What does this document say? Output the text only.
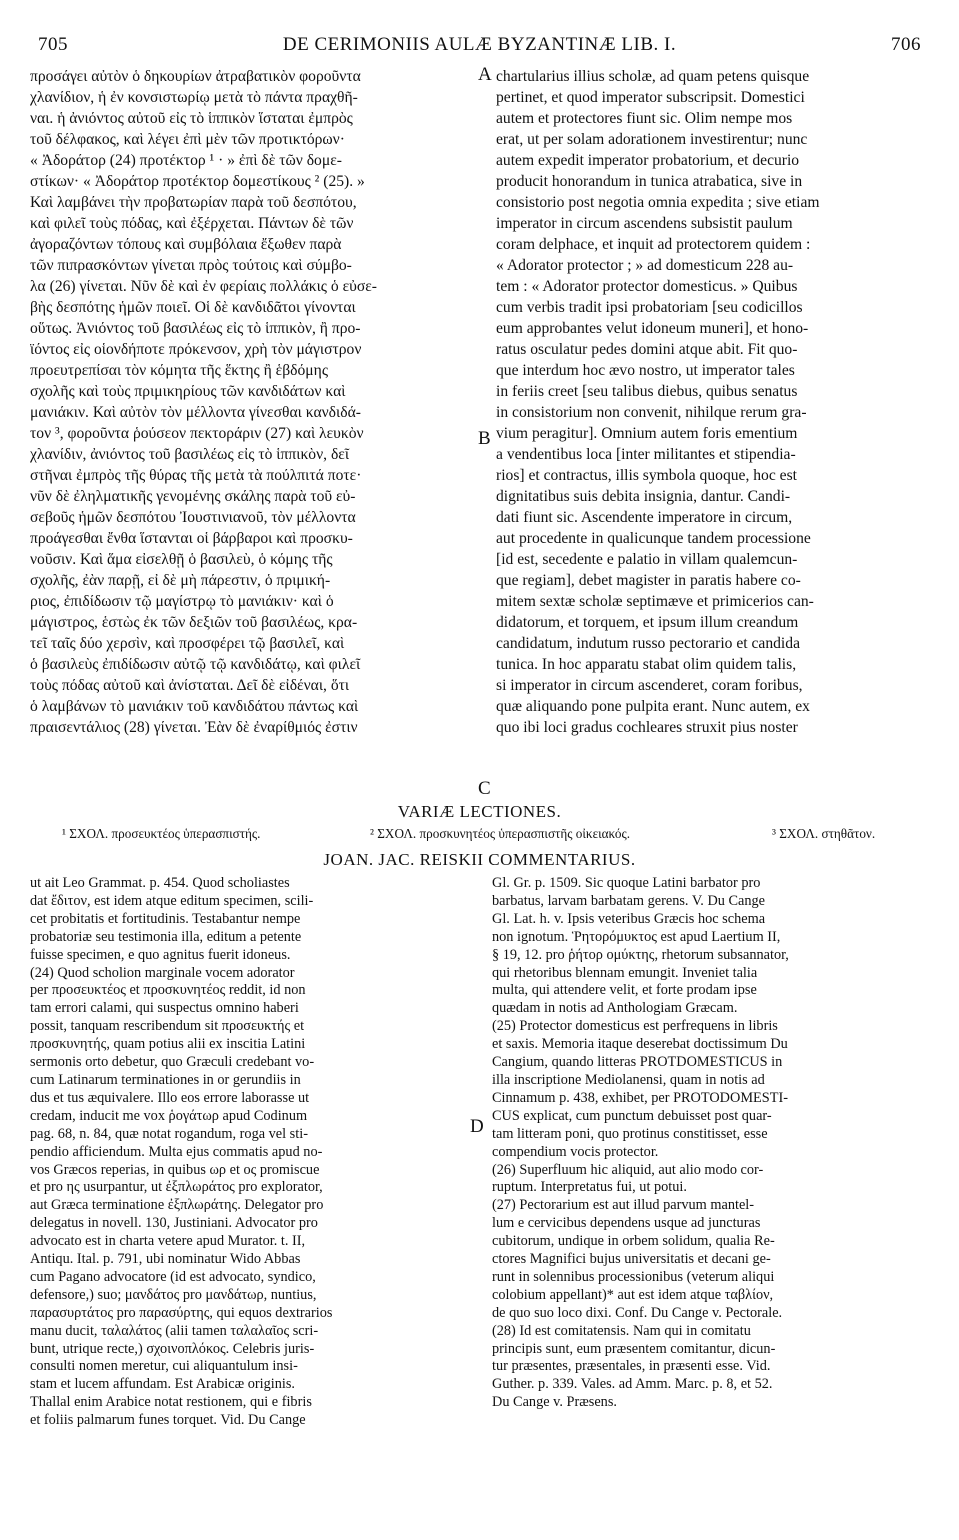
705	DE CERIMONIIS AULÆ BYZANTINÆ LIB. I.	706
προσάγει αὐτὸν ὁ δηκουρίων ἀτραβατικὸν φοροῦντα
χλανίδιον, ἡ ἐν κονσιστωρίῳ μετὰ τὸ πάντα πραχθῆ-
ναι. ἡ ἀνιόντος αὐτοῦ εἰς τὸ ἱππικὸν ἵσταται ἐμπρὸς
τοῦ δέλφακος, καὶ λέγει ἐπὶ μὲν τῶν προτικτόρων·
« Ἀδοράτορ (24) προτέκτορ ¹ · » ἐπὶ δὲ τῶν δομε-
στίκων· « Ἀδοράτορ προτέκτορ δομεστίκους ² (25). »
Καὶ λαμβάνει τὴν προβατωρίαν παρὰ τοῦ δεσπότου,
καὶ φιλεῖ τοὺς πόδας, καὶ ἐξέρχεται. Πάντων δὲ τῶν
ἀγοραζόντων τόπους καὶ συμβόλαια ἔξωθεν παρὰ
τῶν πιπρασκόντων γίνεται πρὸς τούτοις καὶ σύμβο-
λα (26) γίνεται. Νῦν δὲ καὶ ἐν φερίαις πολλάκις ὁ εὐσε-
βὴς δεσπότης ἡμῶν ποιεῖ. Οἱ δὲ κανδιδᾶτοι γίνονται
οὕτως. Ἀνιόντος τοῦ βασιλέως εἰς τὸ ἱππικὸν, ἢ προ-
ϊόντος εἰς οἱονδήποτε πρόκενσον, χρὴ τὸν μάγιστρον
προευτρεπίσαι τὸν κόμητα τῆς ἕκτης ἢ ἑβδόμης
σχολῆς καὶ τοὺς πριμικηρίους τῶν κανδιδάτων καὶ
μανιάκιν. Καὶ αὐτὸν τὸν μέλλοντα γίνεσθαι κανδιδά-
τον ³, φοροῦντα ῥούσεον πεκτοράριν (27) καὶ λευκὸν
χλανίδιν, ἀνιόντος τοῦ βασιλέως εἰς τὸ ἱππικὸν, δεῖ
στῆναι ἐμπρὸς τῆς θύρας τῆς μετὰ τὰ πούλπιτά ποτε·
νῦν δὲ ἐληλματικῆς γενομένης σκάλης παρὰ τοῦ εὐ-
σεβοῦς ἡμῶν δεσπότου Ἰουστινιανοῦ, τὸν μέλλοντα
προάγεσθαι ἔνθα ἵστανται οἱ βάρβαροι καὶ προσκυ-
νοῦσιν. Καὶ ἅμα εἰσελθῇ ὁ βασιλεὺ, ὁ κόμης τῆς
σχολῆς, ἐὰν παρῇ, εἰ δὲ μὴ πάρεστιν, ὁ πριμική-
ριος, ἐπιδίδωσιν τῷ μαγίστρῳ τὸ μανιάκιν· καὶ ὁ
μάγιστρος, ἑστὼς ἐκ τῶν δεξιῶν τοῦ βασιλέως, κρα-
τεῖ ταῖς δύο χερσὶν, καὶ προσφέρει τῷ βασιλεῖ, καὶ
ὁ βασιλεὺς ἐπιδίδωσιν αὐτῷ τῷ κανδιδάτῳ, καὶ φιλεῖ
τοὺς πόδας αὐτοῦ καὶ ἀνίσταται. Δεῖ δὲ εἰδέναι, ὅτι
ὁ λαμβάνων τὸ μανιάκιν τοῦ κανδιδάτου πάντως καὶ
πραισεντάλιος (28) γίνεται. Ἐὰν δὲ ἐναρίθμιός ἐστιν
chartularius illius scholæ, ad quam petens quisque
pertinet, et quod imperator subscripsit. Domestici
autem et protectores fiunt sic. Olim nempe mos
erat, ut per solam adorationem investirentur; nunc
autem expedit imperator probatorium, et decurio
producit honorandum in tunica atrabatica, sive in
consistorio post negotia omnia expedita ; sive etiam
imperator in circum ascendens subsistit paulum
coram delphace, et inquit ad protectorem quidem :
« Adorator protector ; » ad domesticum 228 au-
tem : « Adorator protector domesticus. » Quibus
cum verbis tradit ipsi probatoriam [seu codicillos
eum approbantes velut idoneum muneri], et hono-
ratus osculatur pedes domini atque abit. Fit quo-
que interdum hoc ævo nostro, ut imperator tales
in feriis creet [seu talibus diebus, quibus senatus
in consistorium non convenit, nihilque rerum gra-
vium peragitur]. Omnium autem foris ementium
a vendentibus loca [inter militantes et stipendia-
rios] et contractus, illis symbola quoque, hoc est
dignitatibus suis debita insignia, dantur. Candi-
dati fiunt sic. Ascendente imperatore in circum,
aut procedente in qualicunque tandem processione
[id est, secedente e palatio in villam qualemcun-
que regiam], debet magister in paratis habere co-
mitem sextæ scholæ septimæve et primicerios can-
didatorum, et torquem, et ipsum illum creandum
candidatum, indutum russo pectorario et candida
tunica. In hoc apparatu stabat olim quidem talis,
si imperator in circum ascenderet, coram foribus,
quæ aliquando pone pulpita erant. Nunc autem, ex
quo ibi loci gradus cochleares struxit pius noster
A
B
C
D
VARIÆ LECTIONES.
¹ ΣΧΟΛ. προσευκτέος ὑπερασπιστής.	² ΣΧΟΛ. προσκυνητέος ὑπερασπιστῆς οἰκειακός.	³ ΣΧΟΛ. στηθᾶτον.
JOAN. JAC. REISKII COMMENTARIUS.
ut ait Leo Grammat. p. 454. Quod scholiastes
dat ἔδιτον, est idem atque editum specimen, scili-
cet probitatis et fortitudinis. Testabantur nempe
probatoriæ seu testimonia illa, editum a petente
fuisse specimen, e quo agnitus fuerit idoneus.
(24) Quod scholion marginale vocem adorator
per προσευκτέος et προσκυνητέος reddit, id non
tam errori calami, qui suspectus omnino haberi
possit, tanquam rescribendum sit προσευκτής et
προσκυνητής, quam potius alii ex inscitia Latini
sermonis orto debetur, quo Græculi credebant vo-
cum Latinarum terminationes in or gerundiis in
dus et tus æquivalere. Illo eos errore laborasse ut
credam, inducit me vox ῥογάτωρ apud Codinum
pag. 68, n. 84, quæ notat rogandum, roga vel sti-
pendio afficiendum. Multa ejus commatis apud no-
vos Græcos reperias, in quibus ωρ et ος promiscue
et pro ης usurpantur, ut ἐξπλωράτος pro explorator,
aut Græca terminatione ἐξπλωράτης. Delegator pro
delegatus in novell. 130, Justiniani. Advocator pro
advocato est in charta vetere apud Murator. t. II,
Antiqu. Ital. p. 791, ubi nominatur Wido Abbas
cum Pagano advocatore (id est advocato, syndico,
defensore,) suo; μανδάτος pro μανδάτωρ, nuntius,
παρασυρτάτος pro παρασύρτης, qui equos dextrarios
manu ducit, ταλαλάτος (alii tamen ταλαλαῖος scri-
bunt, utrique recte,) σχοινοπλόκος. Celebris juris-
consulti nomen meretur, cui aliquantulum insi-
stam et lucem affundam. Est Arabicæ originis.
Thallal enim Arabice notat restionem, qui e fibris
et foliis palmarum funes torquet. Vid. Du Cange
Gl. Gr. p. 1509. Sic quoque Latini barbator pro
barbatus, larvam barbatam gerens. V. Du Cange
Gl. Lat. h. v. Ipsis veteribus Græcis hoc schema
non ignotum. Ῥητορόμυκτος est apud Laertium II,
§ 19, 12. pro ῥήτορ ομύκτης, rhetorum subsannator,
qui rhetoribus blennam emungit. Inveniet talia
multa, qui attendere velit, et forte prodam ipse
quædam in notis ad Anthologiam Græcam.
(25) Protector domesticus est perfrequens in libris
et saxis. Memoria itaque deserebat doctissimum Du
Cangium, quando litteras PROTDOMESTICUS in
illa inscriptione Mediolanensi, quam in notis ad
Cinnamum p. 438, exhibet, per PROTODOMESTI-
CUS explicat, cum punctum debuisset post quar-
tam litteram poni, quo protinus constitisset, esse
compendium vocis protector.
(26) Superfluum hic aliquid, aut alio modo cor-
ruptum. Interpretatus fui, ut potui.
(27) Pectorarium est aut illud parvum mantel-
lum e cervicibus dependens usque ad juncturas
cubitorum, undique in orbem solidum, qualia Re-
ctores Magnifici bujus universitatis et decani ge-
runt in solennibus processionibus (veterum aliqui
colobium appellant)* aut est idem atque ταβλίον,
de quo suo loco dixi. Conf. Du Cange v. Pectorale.
(28) Id est comitatensis. Nam qui in comitatu
principis sunt, eum præsentem comitantur, dicun-
tur præsentes, præsentales, in præsenti esse. Vid.
Guther. p. 339. Vales. ad Amm. Marc. p. 8, et 52.
Du Cange v. Præsens.
